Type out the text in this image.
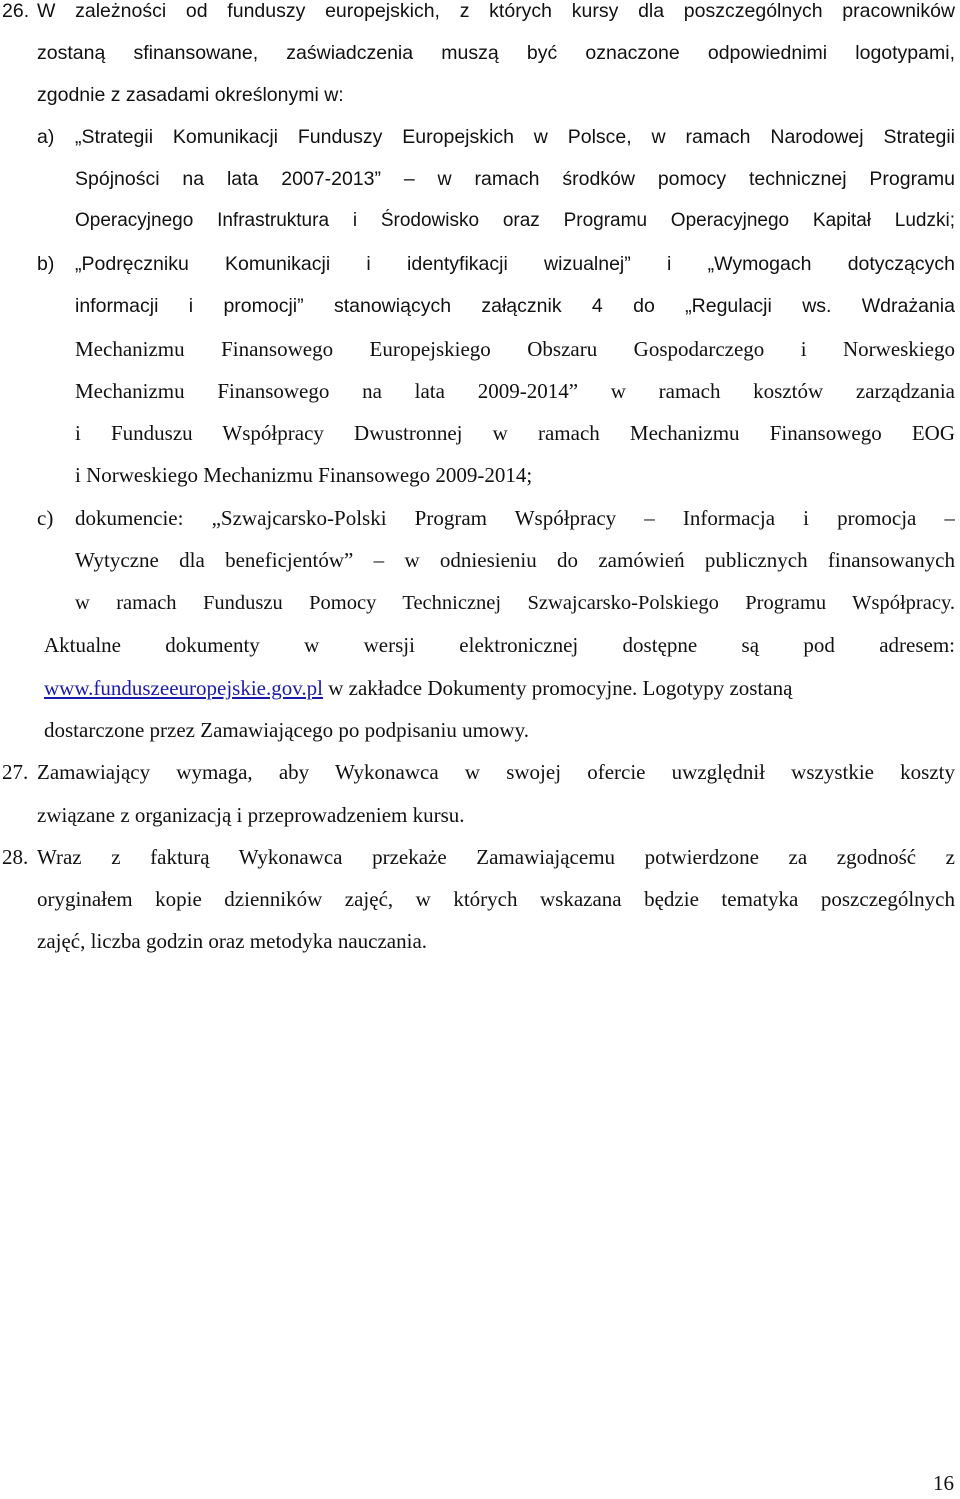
26. W zależności od funduszy europejskich, z których kursy dla poszczególnych pracowników
zostaną sfinansowane, zaświadczenia muszą być oznaczone odpowiednimi logotypami,
zgodnie z zasadami określonymi w:
a) „Strategii Komunikacji Funduszy Europejskich w Polsce, w ramach Narodowej Strategii
Spójności na lata 2007-2013” – w ramach środków pomocy technicznej Programu
Operacyjnego Infrastruktura i Środowisko oraz Programu Operacyjnego Kapitał Ludzki;
b) „Podręczniku Komunikacji i identyfikacji wizualnej” i „Wymogach dotyczących
informacji i promocji” stanowiących załącznik 4 do „Regulacji ws. Wdrażania
Mechanizmu Finansowego Europejskiego Obszaru Gospodarczego i Norweskiego
Mechanizmu Finansowego na lata 2009-2014” w ramach kosztów zarządzania
i Funduszu Współpracy Dwustronnej w ramach Mechanizmu Finansowego EOG
i Norweskiego Mechanizmu Finansowego 2009-2014;
c) dokumencie: „Szwajcarsko-Polski Program Współpracy – Informacja i promocja –
Wytyczne dla beneficjentów” – w odniesieniu do zamówień publicznych finansowanych
w ramach Funduszu Pomocy Technicznej Szwajcarsko-Polskiego Programu Współpracy.
Aktualne dokumenty w wersji elektronicznej dostępne są pod adresem:
www.funduszeeuropejskie.gov.pl w zakładce Dokumenty promocyjne. Logotypy zostaną
dostarczone przez Zamawiającego po podpisaniu umowy.
27. Zamawiający wymaga, aby Wykonawca w swojej ofercie uwzględnił wszystkie koszty
związane z organizacją i przeprowadzeniem kursu.
28. Wraz z fakturą Wykonawca przekaże Zamawiającemu potwierdzone za zgodność z
oryginałem kopie dzienników zajęć, w których wskazana będzie tematyka poszczególnych
zajęć, liczba godzin oraz metodyka nauczania.
16
